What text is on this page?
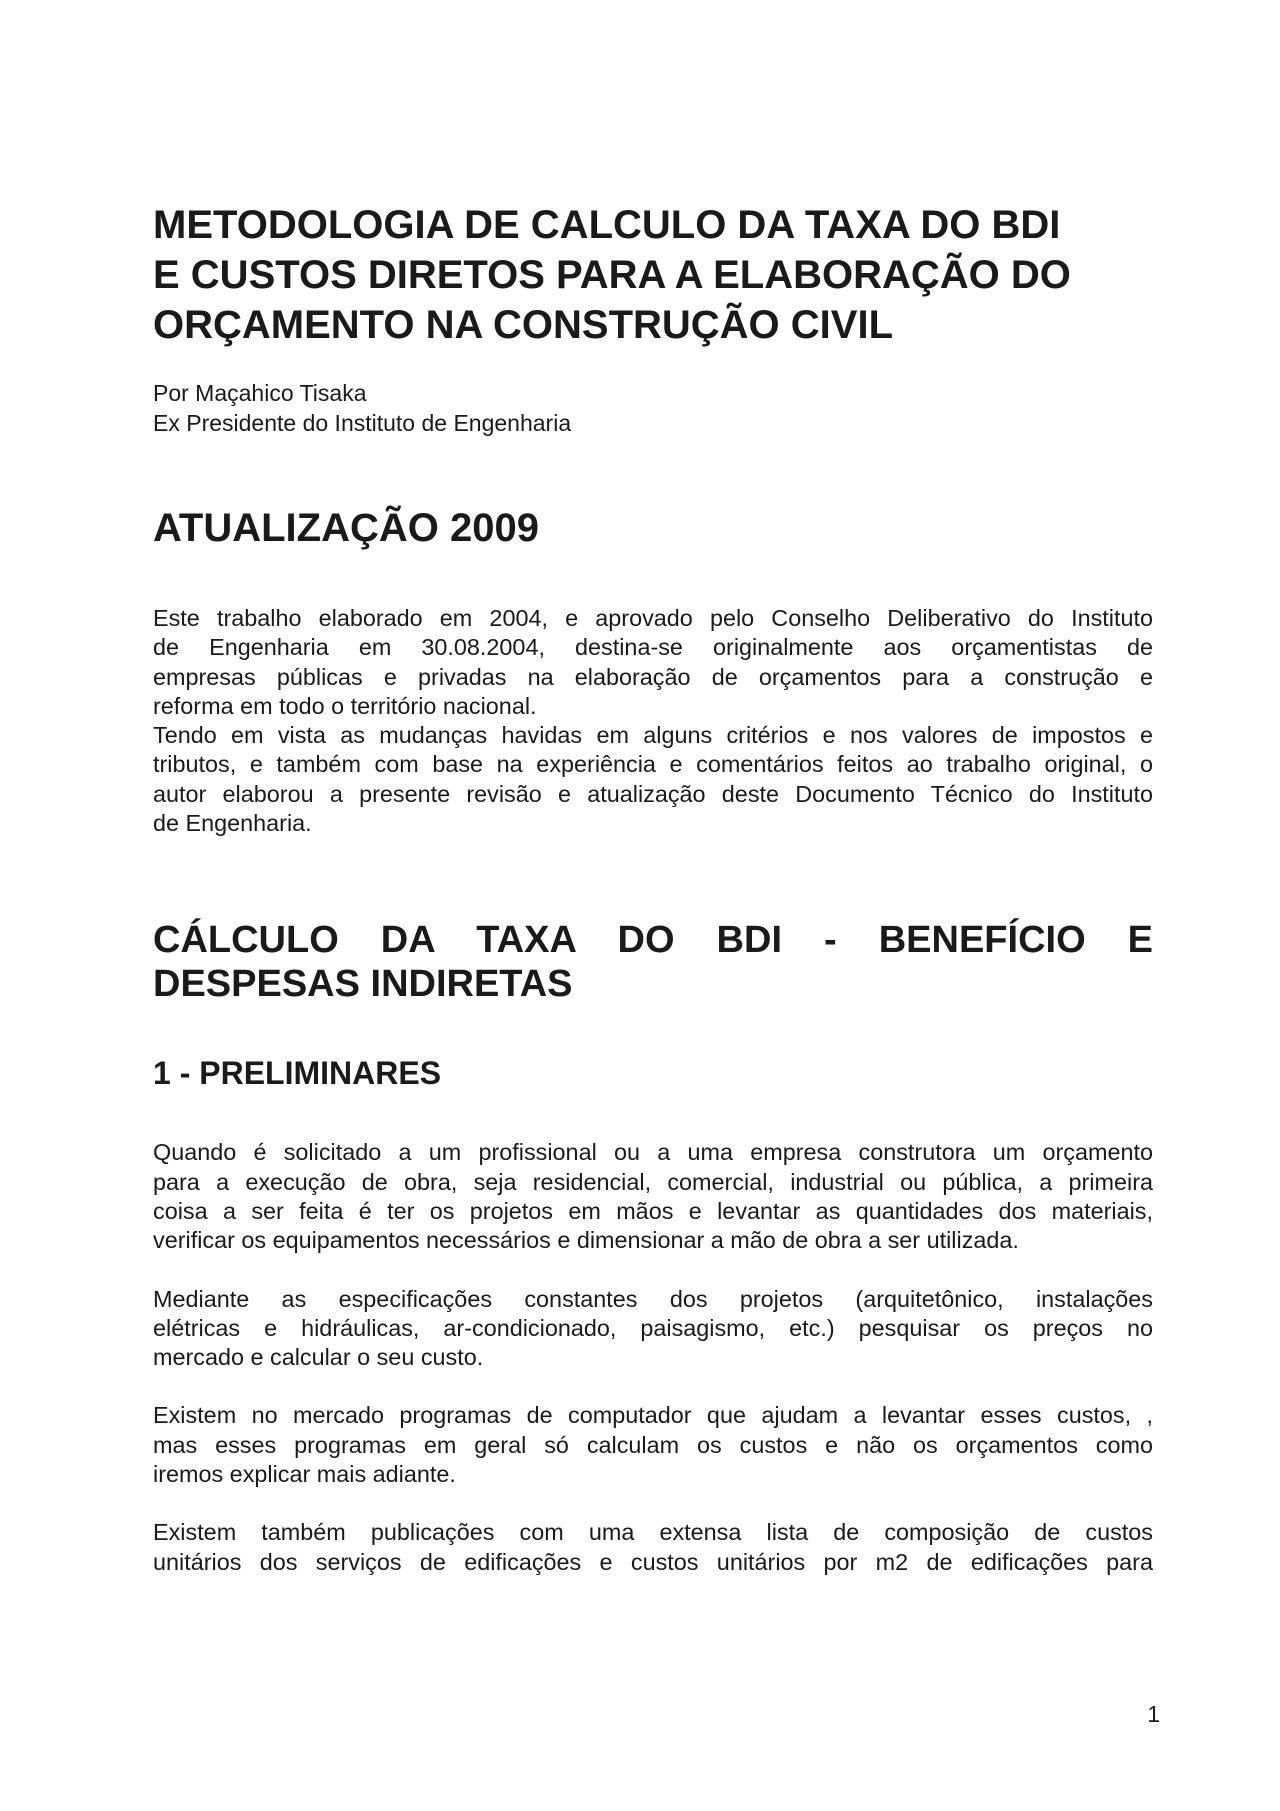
METODOLOGIA DE CALCULO DA TAXA DO BDI
E CUSTOS DIRETOS PARA A ELABORAÇÃO DO
ORÇAMENTO NA CONSTRUÇÃO CIVIL
Por Maçahico Tisaka
Ex Presidente do Instituto de Engenharia
ATUALIZAÇÃO 2009
Este trabalho elaborado em 2004, e aprovado pelo Conselho Deliberativo do Instituto
de Engenharia em 30.08.2004, destina-se originalmente aos orçamentistas de
empresas públicas e privadas na elaboração de orçamentos para a construção e
reforma em todo o território nacional.
Tendo em vista as mudanças havidas em alguns critérios e nos valores de impostos e
tributos, e também com base na experiência e comentários feitos ao trabalho original, o
autor elaborou a presente revisão e atualização deste Documento Técnico do Instituto
de Engenharia.
CÁLCULO DA TAXA DO BDI - BENEFÍCIO E
DESPESAS INDIRETAS
1 - PRELIMINARES
Quando é solicitado a um profissional ou a uma empresa construtora um orçamento
para a execução de obra, seja residencial, comercial, industrial ou pública, a primeira
coisa a ser feita é ter os projetos em mãos e levantar as quantidades dos materiais,
verificar os equipamentos necessários e dimensionar a mão de obra a ser utilizada.
Mediante as especificações constantes dos projetos (arquitetônico, instalações
elétricas e hidráulicas, ar-condicionado, paisagismo, etc.) pesquisar os preços no
mercado e calcular o seu custo.
Existem no mercado programas de computador que ajudam a levantar esses custos, ,
mas esses programas em geral só calculam os custos e não os orçamentos como
iremos explicar mais adiante.
Existem também publicações com uma extensa lista de composição de custos
unitários dos serviços de edificações e custos unitários por m2 de edificações para
1
